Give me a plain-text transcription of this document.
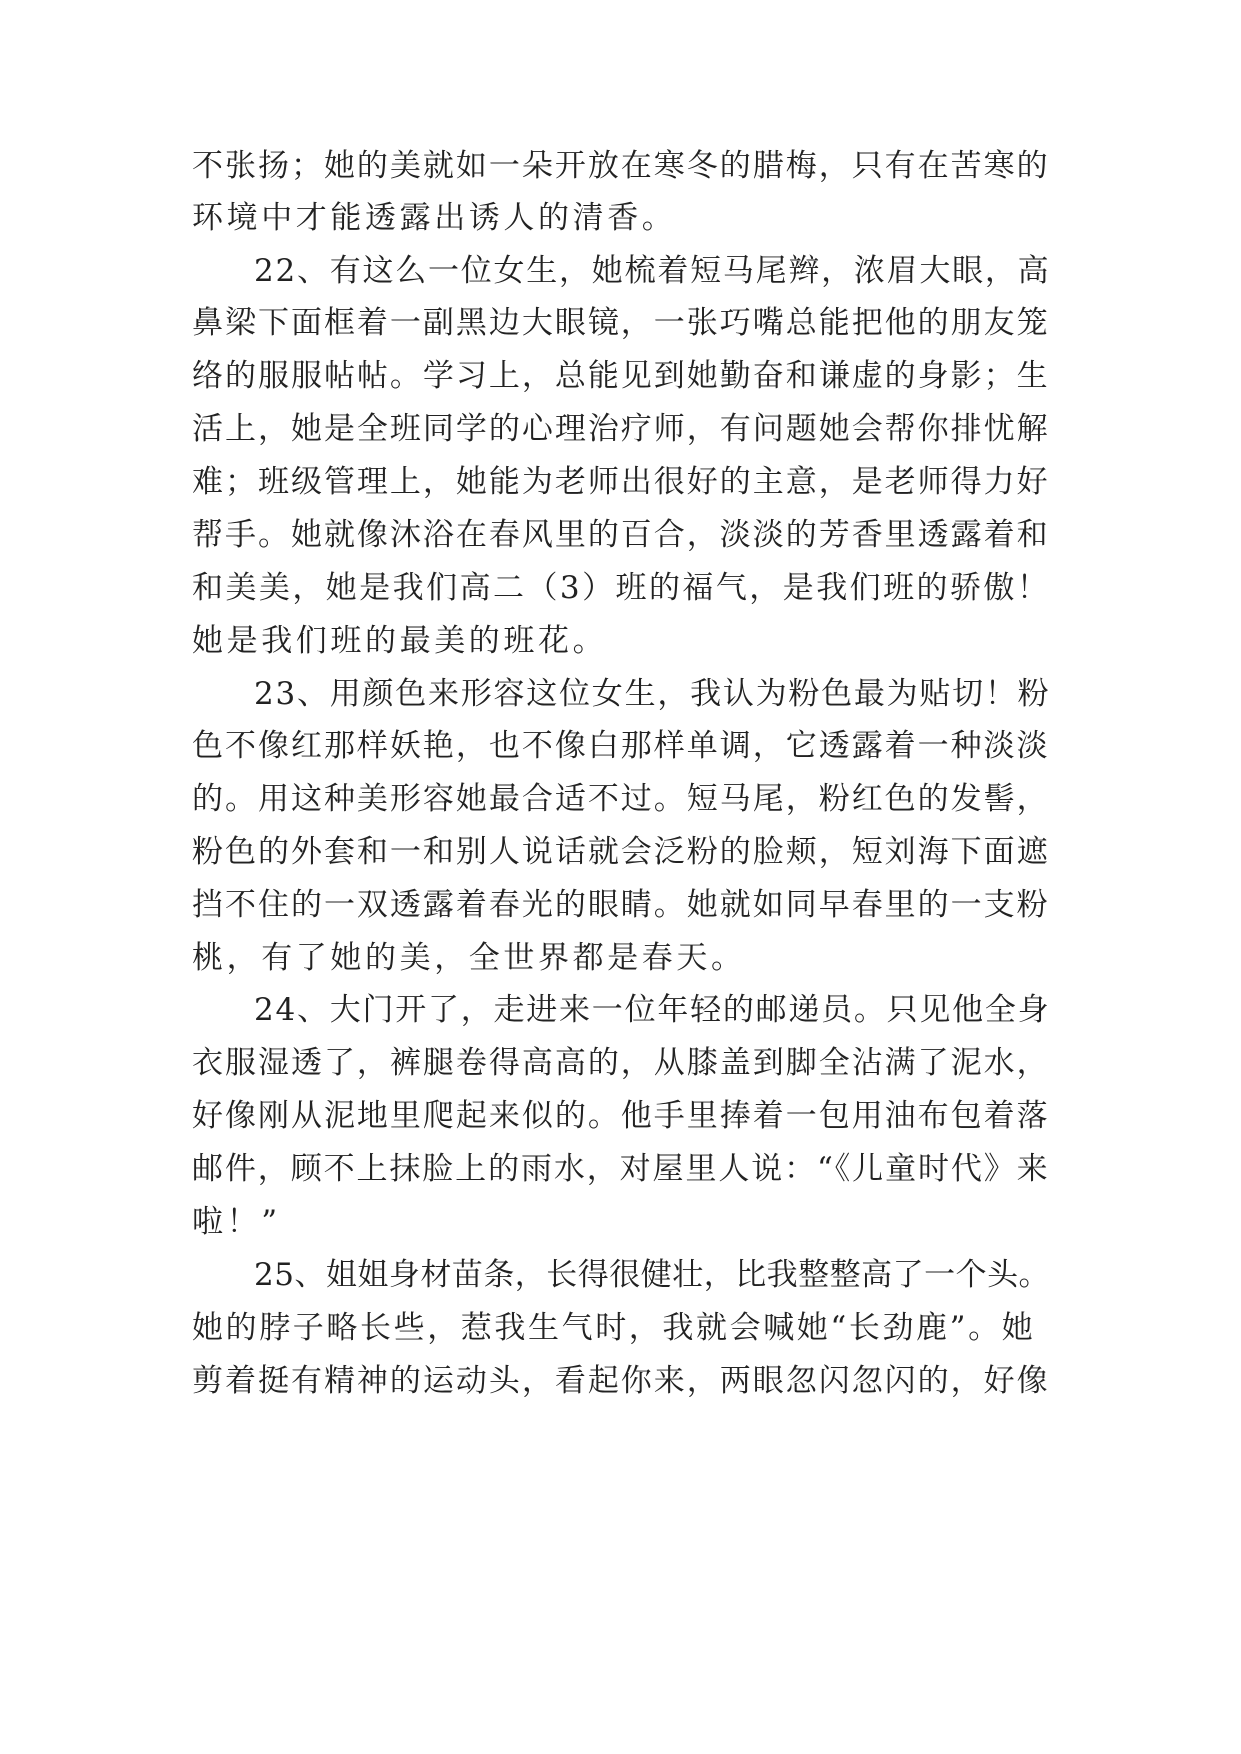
不张扬；她的美就如一朵开放在寒冬的腊梅，只有在苦寒的
环境中才能透露出诱人的清香。
22、有这么一位女生，她梳着短马尾辫，浓眉大眼，高
鼻梁下面框着一副黑边大眼镜，一张巧嘴总能把他的朋友笼
络的服服帖帖。学习上，总能见到她勤奋和谦虚的身影；生
活上，她是全班同学的心理治疗师，有问题她会帮你排忧解
难；班级管理上，她能为老师出很好的主意，是老师得力好
帮手。她就像沐浴在春风里的百合，淡淡的芳香里透露着和
和美美，她是我们高二（3）班的福气，是我们班的骄傲！
她是我们班的最美的班花。
23、用颜色来形容这位女生，我认为粉色最为贴切！粉
色不像红那样妖艳，也不像白那样单调，它透露着一种淡淡
的。用这种美形容她最合适不过。短马尾，粉红色的发髻，
粉色的外套和一和别人说话就会泛粉的脸颊，短刘海下面遮
挡不住的一双透露着春光的眼睛。她就如同早春里的一支粉
桃，有了她的美，全世界都是春天。
24、大门开了，走进来一位年轻的邮递员。只见他全身
衣服湿透了，裤腿卷得高高的，从膝盖到脚全沾满了泥水，
好像刚从泥地里爬起来似的。他手里捧着一包用油布包着落
邮件，顾不上抹脸上的雨水，对屋里人说：“《儿童时代》来
啦！”
25、姐姐身材苗条，长得很健壮，比我整整高了一个头。
她的脖子略长些，惹我生气时，我就会喊她“长劲鹿”。她
剪着挺有精神的运动头，看起你来，两眼忽闪忽闪的，好像
